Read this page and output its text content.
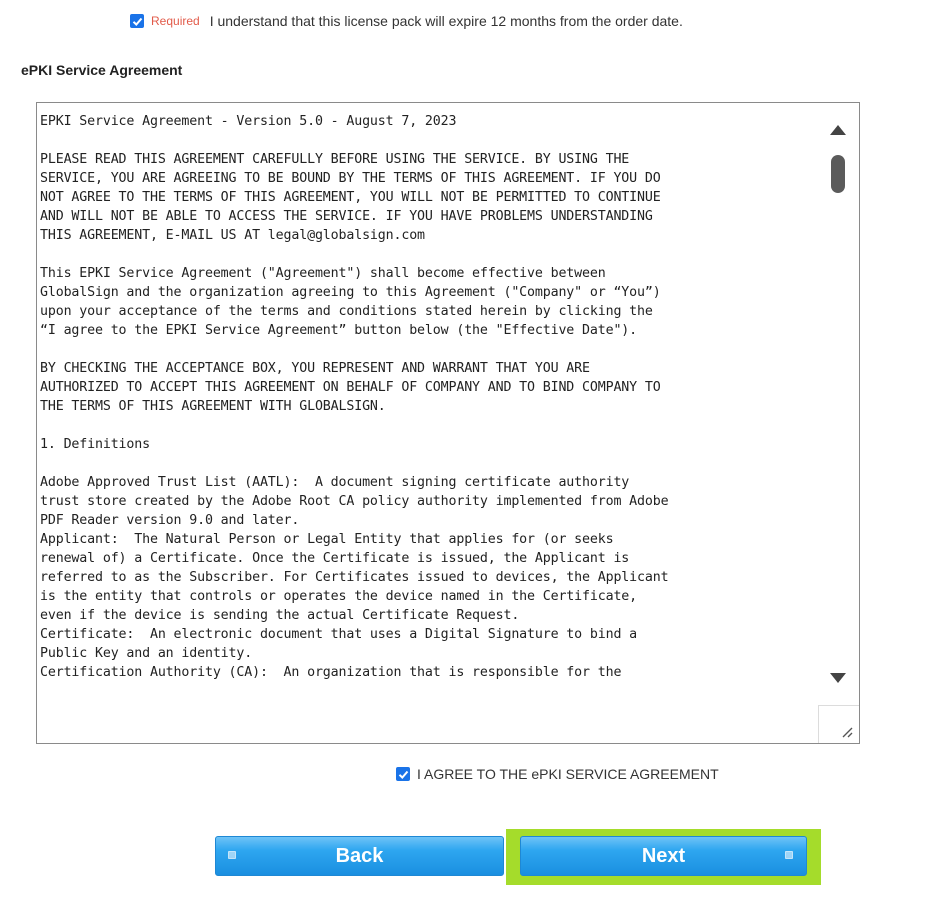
Required I understand that this license pack will expire 12 months from the order date.
ePKI Service Agreement
EPKI Service Agreement - Version 5.0 - August 7, 2023

PLEASE READ THIS AGREEMENT CAREFULLY BEFORE USING THE SERVICE. BY USING THE
SERVICE, YOU ARE AGREEING TO BE BOUND BY THE TERMS OF THIS AGREEMENT. IF YOU DO
NOT AGREE TO THE TERMS OF THIS AGREEMENT, YOU WILL NOT BE PERMITTED TO CONTINUE
AND WILL NOT BE ABLE TO ACCESS THE SERVICE. IF YOU HAVE PROBLEMS UNDERSTANDING
THIS AGREEMENT, E-MAIL US AT legal@globalsign.com

This EPKI Service Agreement ("Agreement") shall become effective between
GlobalSign and the organization agreeing to this Agreement ("Company" or “You”)
upon your acceptance of the terms and conditions stated herein by clicking the
“I agree to the EPKI Service Agreement” button below (the "Effective Date").

BY CHECKING THE ACCEPTANCE BOX, YOU REPRESENT AND WARRANT THAT YOU ARE
AUTHORIZED TO ACCEPT THIS AGREEMENT ON BEHALF OF COMPANY AND TO BIND COMPANY TO
THE TERMS OF THIS AGREEMENT WITH GLOBALSIGN.

1. Definitions

Adobe Approved Trust List (AATL):  A document signing certificate authority
trust store created by the Adobe Root CA policy authority implemented from Adobe
PDF Reader version 9.0 and later.
Applicant:  The Natural Person or Legal Entity that applies for (or seeks
renewal of) a Certificate. Once the Certificate is issued, the Applicant is
referred to as the Subscriber. For Certificates issued to devices, the Applicant
is the entity that controls or operates the device named in the Certificate,
even if the device is sending the actual Certificate Request.
Certificate:  An electronic document that uses a Digital Signature to bind a
Public Key and an identity.
Certification Authority (CA):  An organization that is responsible for the
I AGREE TO THE ePKI SERVICE AGREEMENT
Back	Next
